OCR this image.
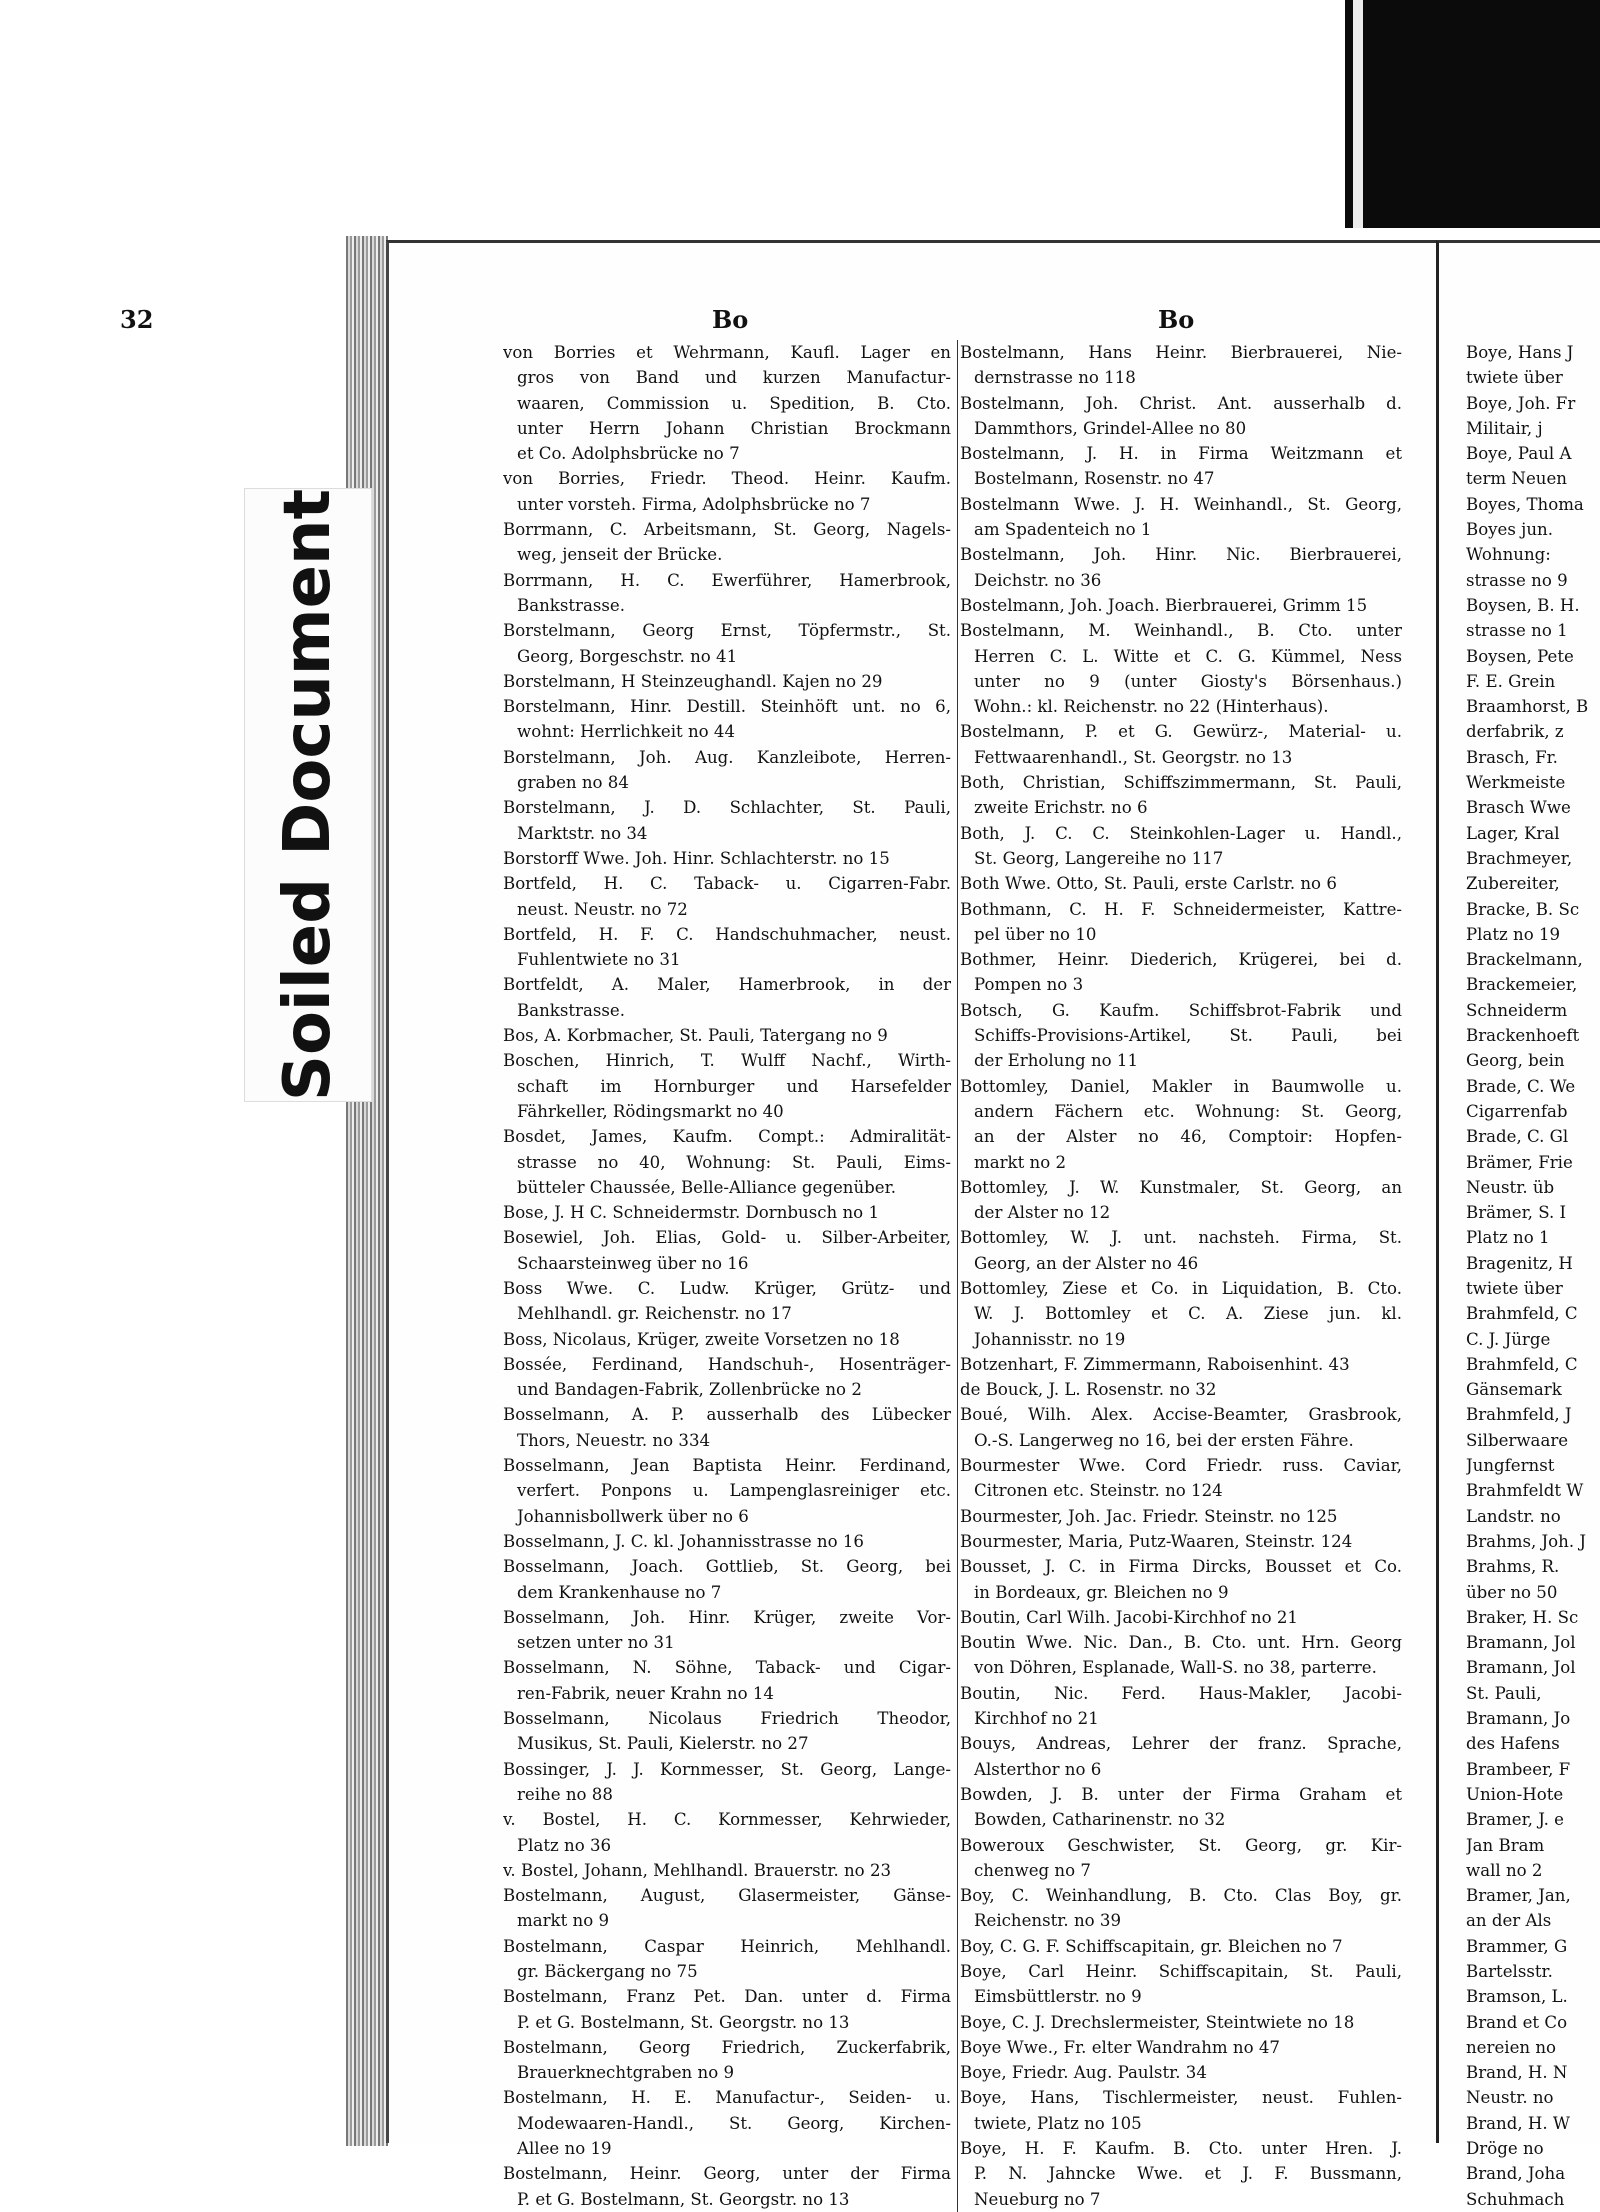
Soiled Document
32	Bo	Bo
von Borries et Wehrmann, Kaufl. Lager en
gros von Band und kurzen Manufactur-
waaren, Commission u. Spedition, B. Cto.
unter Herrn Johann Christian Brockmann
et Co. Adolphsbrücke no 7
von Borries, Friedr. Theod. Heinr. Kaufm.
unter vorsteh. Firma, Adolphsbrücke no 7
Borrmann, C. Arbeitsmann, St. Georg, Nagels-
weg, jenseit der Brücke.
Borrmann, H. C. Ewerführer, Hamerbrook,
Bankstrasse.
Borstelmann, Georg Ernst, Töpfermstr., St.
Georg, Borgeschstr. no 41
Borstelmann, H Steinzeughandl. Kajen no 29
Borstelmann, Hinr. Destill. Steinhöft unt. no 6,
wohnt: Herrlichkeit no 44
Borstelmann, Joh. Aug. Kanzleibote, Herren-
graben no 84
Borstelmann, J. D. Schlachter, St. Pauli,
Marktstr. no 34
Borstorff Wwe. Joh. Hinr. Schlachterstr. no 15
Bortfeld, H. C. Taback- u. Cigarren-Fabr.
neust. Neustr. no 72
Bortfeld, H. F. C. Handschuhmacher, neust.
Fuhlentwiete no 31
Bortfeldt, A. Maler, Hamerbrook, in der
Bankstrasse.
Bos, A. Korbmacher, St. Pauli, Tatergang no 9
Boschen, Hinrich, T. Wulff Nachf., Wirth-
schaft im Hornburger und Harsefelder
Fährkeller, Rödingsmarkt no 40
Bosdet, James, Kaufm. Compt.: Admiralität-
strasse no 40, Wohnung: St. Pauli, Eims-
bütteler Chaussée, Belle-Alliance gegenüber.
Bose, J. H C. Schneidermstr. Dornbusch no 1
Bosewiel, Joh. Elias, Gold- u. Silber-Arbeiter,
Schaarsteinweg über no 16
Boss Wwe. C. Ludw. Krüger, Grütz- und
Mehlhandl. gr. Reichenstr. no 17
Boss, Nicolaus, Krüger, zweite Vorsetzen no 18
Bossée, Ferdinand, Handschuh-, Hosenträger-
und Bandagen-Fabrik, Zollenbrücke no 2
Bosselmann, A. P. ausserhalb des Lübecker
Thors, Neuestr. no 334
Bosselmann, Jean Baptista Heinr. Ferdinand,
verfert. Ponpons u. Lampenglasreiniger etc.
Johannisbollwerk über no 6
Bosselmann, J. C. kl. Johannisstrasse no 16
Bosselmann, Joach. Gottlieb, St. Georg, bei
dem Krankenhause no 7
Bosselmann, Joh. Hinr. Krüger, zweite Vor-
setzen unter no 31
Bosselmann, N. Söhne, Taback- und Cigar-
ren-Fabrik, neuer Krahn no 14
Bosselmann, Nicolaus Friedrich Theodor,
Musikus, St. Pauli, Kielerstr. no 27
Bossinger, J. J. Kornmesser, St. Georg, Lange-
reihe no 88
v. Bostel, H. C. Kornmesser, Kehrwieder,
Platz no 36
v. Bostel, Johann, Mehlhandl. Brauerstr. no 23
Bostelmann, August, Glasermeister, Gänse-
markt no 9
Bostelmann, Caspar Heinrich, Mehlhandl.
gr. Bäckergang no 75
Bostelmann, Franz Pet. Dan. unter d. Firma
P. et G. Bostelmann, St. Georgstr. no 13
Bostelmann, Georg Friedrich, Zuckerfabrik,
Brauerknechtgraben no 9
Bostelmann, H. E. Manufactur-, Seiden- u.
Modewaaren-Handl., St. Georg, Kirchen-
Allee no 19
Bostelmann, Heinr. Georg, unter der Firma
P. et G. Bostelmann, St. Georgstr. no 13
Bostelmann, Hans Heinr. Bierbrauerei, Nie-
dernstrasse no 118
Bostelmann, Joh. Christ. Ant. ausserhalb d.
Dammthors, Grindel-Allee no 80
Bostelmann, J. H. in Firma Weitzmann et
Bostelmann, Rosenstr. no 47
Bostelmann Wwe. J. H. Weinhandl., St. Georg,
am Spadenteich no 1
Bostelmann, Joh. Hinr. Nic. Bierbrauerei,
Deichstr. no 36
Bostelmann, Joh. Joach. Bierbrauerei, Grimm 15
Bostelmann, M. Weinhandl., B. Cto. unter
Herren C. L. Witte et C. G. Kümmel, Ness
unter no 9 (unter Giosty's Börsenhaus.)
Wohn.: kl. Reichenstr. no 22 (Hinterhaus).
Bostelmann, P. et G. Gewürz-, Material- u.
Fettwaarenhandl., St. Georgstr. no 13
Both, Christian, Schiffszimmermann, St. Pauli,
zweite Erichstr. no 6
Both, J. C. C. Steinkohlen-Lager u. Handl.,
St. Georg, Langereihe no 117
Both Wwe. Otto, St. Pauli, erste Carlstr. no 6
Bothmann, C. H. F. Schneidermeister, Kattre-
pel über no 10
Bothmer, Heinr. Diederich, Krügerei, bei d.
Pompen no 3
Botsch, G. Kaufm. Schiffsbrot-Fabrik und
Schiffs-Provisions-Artikel, St. Pauli, bei
der Erholung no 11
Bottomley, Daniel, Makler in Baumwolle u.
andern Fächern etc. Wohnung: St. Georg,
an der Alster no 46, Comptoir: Hopfen-
markt no 2
Bottomley, J. W. Kunstmaler, St. Georg, an
der Alster no 12
Bottomley, W. J. unt. nachsteh. Firma, St.
Georg, an der Alster no 46
Bottomley, Ziese et Co. in Liquidation, B. Cto.
W. J. Bottomley et C. A. Ziese jun. kl.
Johannisstr. no 19
Botzenhart, F. Zimmermann, Raboisenhint. 43
de Bouck, J. L. Rosenstr. no 32
Boué, Wilh. Alex. Accise-Beamter, Grasbrook,
O.-S. Langerweg no 16, bei der ersten Fähre.
Bourmester Wwe. Cord Friedr. russ. Caviar,
Citronen etc. Steinstr. no 124
Bourmester, Joh. Jac. Friedr. Steinstr. no 125
Bourmester, Maria, Putz-Waaren, Steinstr. 124
Bousset, J. C. in Firma Dircks, Bousset et Co.
in Bordeaux, gr. Bleichen no 9
Boutin, Carl Wilh. Jacobi-Kirchhof no 21
Boutin Wwe. Nic. Dan., B. Cto. unt. Hrn. Georg
von Döhren, Esplanade, Wall-S. no 38, parterre.
Boutin, Nic. Ferd. Haus-Makler, Jacobi-
Kirchhof no 21
Bouys, Andreas, Lehrer der franz. Sprache,
Alsterthor no 6
Bowden, J. B. unter der Firma Graham et
Bowden, Catharinenstr. no 32
Boweroux Geschwister, St. Georg, gr. Kir-
chenweg no 7
Boy, C. Weinhandlung, B. Cto. Clas Boy, gr.
Reichenstr. no 39
Boy, C. G. F. Schiffscapitain, gr. Bleichen no 7
Boye, Carl Heinr. Schiffscapitain, St. Pauli,
Eimsbüttlerstr. no 9
Boye, C. J. Drechslermeister, Steintwiete no 18
Boye Wwe., Fr. elter Wandrahm no 47
Boye, Friedr. Aug. Paulstr. 34
Boye, Hans, Tischlermeister, neust. Fuhlen-
twiete, Platz no 105
Boye, H. F. Kaufm. B. Cto. unter Hren. J.
P. N. Jahncke Wwe. et J. F. Bussmann,
Neueburg no 7
Boye, Hans J
twiete über
Boye, Joh. Fr
Militair, j
Boye, Paul A
term Neuen
Boyes, Thoma
Boyes jun.
Wohnung:
strasse no 9
Boysen, B. H.
strasse no 1
Boysen, Pete
F. E. Grein
Braamhorst, B
derfabrik, z
Brasch, Fr.
Werkmeiste
Brasch Wwe
Lager, Kral
Brachmeyer,
Zubereiter,
Bracke, B. Sc
Platz no 19
Brackelmann,
Brackemeier,
Schneiderm
Brackenhoeft
Georg, bein
Brade, C. We
Cigarrenfab
Brade, C. Gl
Brämer, Frie
Neustr. üb
Brämer, S. I
Platz no 1
Bragenitz, H
twiete über
Brahmfeld, C
C. J. Jürge
Brahmfeld, C
Gänsemark
Brahmfeld, J
Silberwaare
Jungfernst
Brahmfeldt W
Landstr. no
Brahms, Joh. J
Brahms, R.
über no 50
Braker, H. Sc
Bramann, Jol
Bramann, Jol
St. Pauli,
Bramann, Jo
des Hafens
Brambeer, F
Union-Hote
Bramer, J. e
Jan Bram
wall no 2
Bramer, Jan,
an der Als
Brammer, G
Bartelsstr.
Bramson, L.
Brand et Co
nereien no
Brand, H. N
Neustr. no
Brand, H. W
Dröge no
Brand, Joha
Schuhmach
